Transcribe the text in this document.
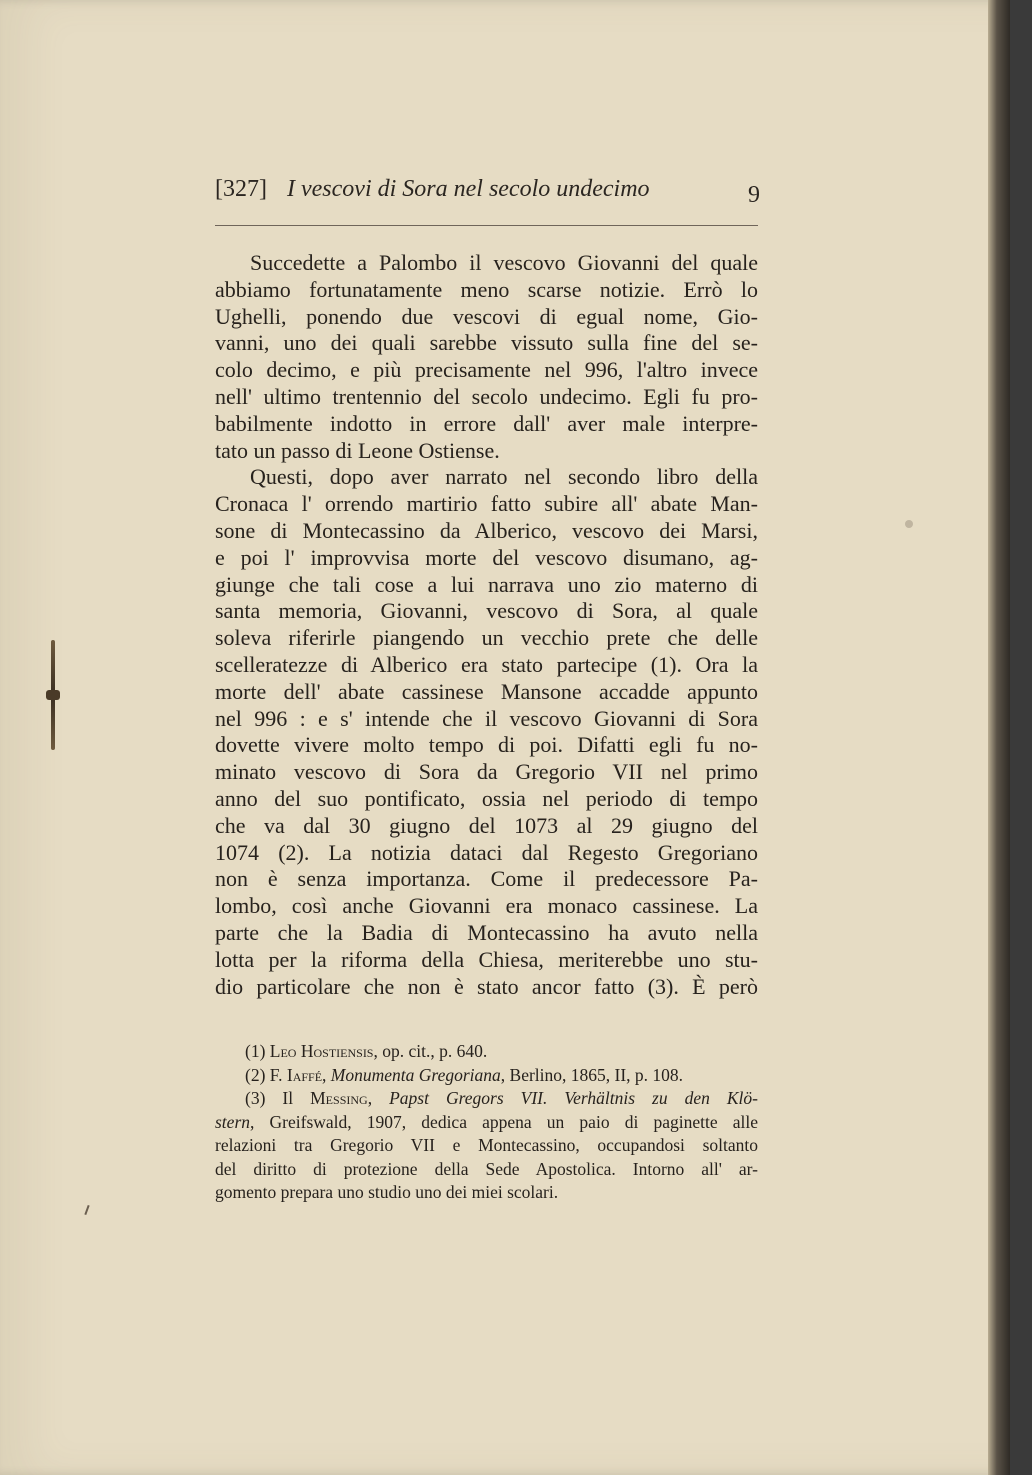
[327] I vescovi di Sora nel secolo undecimo	9
Succedette a Palombo il vescovo Giovanni del quale
abbiamo fortunatamente meno scarse notizie. Errò lo
Ughelli, ponendo due vescovi di egual nome, Gio-
vanni, uno dei quali sarebbe vissuto sulla fine del se-
colo decimo, e più precisamente nel 996, l'altro invece
nell' ultimo trentennio del secolo undecimo. Egli fu pro-
babilmente indotto in errore dall' aver male interpre-
tato un passo di Leone Ostiense.
Questi, dopo aver narrato nel secondo libro della
Cronaca l' orrendo martirio fatto subire all' abate Man-
sone di Montecassino da Alberico, vescovo dei Marsi,
e poi l' improvvisa morte del vescovo disumano, ag-
giunge che tali cose a lui narrava uno zio materno di
santa memoria, Giovanni, vescovo di Sora, al quale
soleva riferirle piangendo un vecchio prete che delle
scelleratezze di Alberico era stato partecipe (1). Ora la
morte dell' abate cassinese Mansone accadde appunto
nel 996 : e s' intende che il vescovo Giovanni di Sora
dovette vivere molto tempo di poi. Difatti egli fu no-
minato vescovo di Sora da Gregorio VII nel primo
anno del suo pontificato, ossia nel periodo di tempo
che va dal 30 giugno del 1073 al 29 giugno del
1074 (2). La notizia dataci dal Regesto Gregoriano
non è senza importanza. Come il predecessore Pa-
lombo, così anche Giovanni era monaco cassinese. La
parte che la Badia di Montecassino ha avuto nella
lotta per la riforma della Chiesa, meriterebbe uno stu-
dio particolare che non è stato ancor fatto (3). È però
(1) Leo Hostiensis, op. cit., p. 640.
(2) F. Iaffé, Monumenta Gregoriana, Berlino, 1865, II, p. 108.
(3) Il Messing, Papst Gregors VII. Verhältnis zu den Klö-
stern, Greifswald, 1907, dedica appena un paio di paginette alle
relazioni tra Gregorio VII e Montecassino, occupandosi soltanto
del diritto di protezione della Sede Apostolica. Intorno all' ar-
gomento prepara uno studio uno dei miei scolari.
